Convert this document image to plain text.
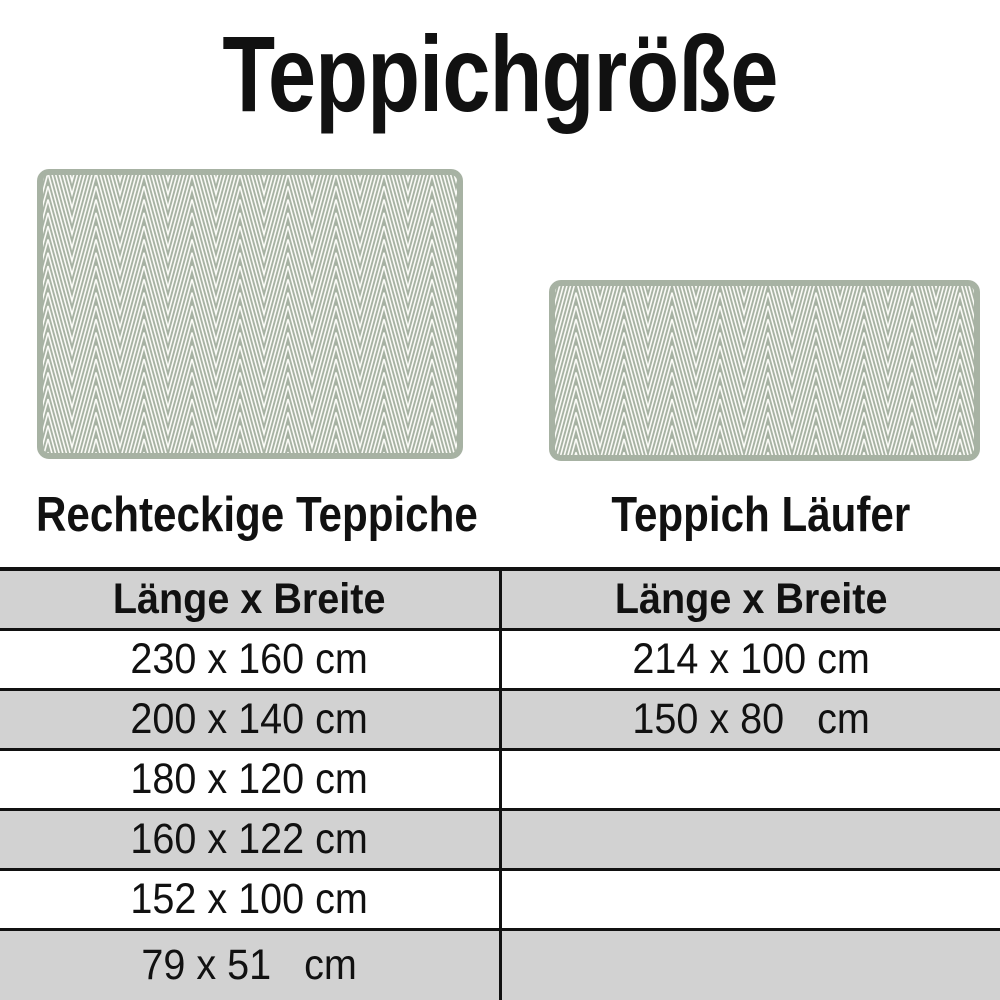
Teppichgröße
Rechteckige Teppiche	Teppich Läufer
Länge x Breite	Länge x Breite
230 x 160 cm	214 x 100 cm
200 x 140 cm	150 x 80   cm
180 x 120 cm
160 x 122 cm
152 x 100 cm
79 x 51   cm
